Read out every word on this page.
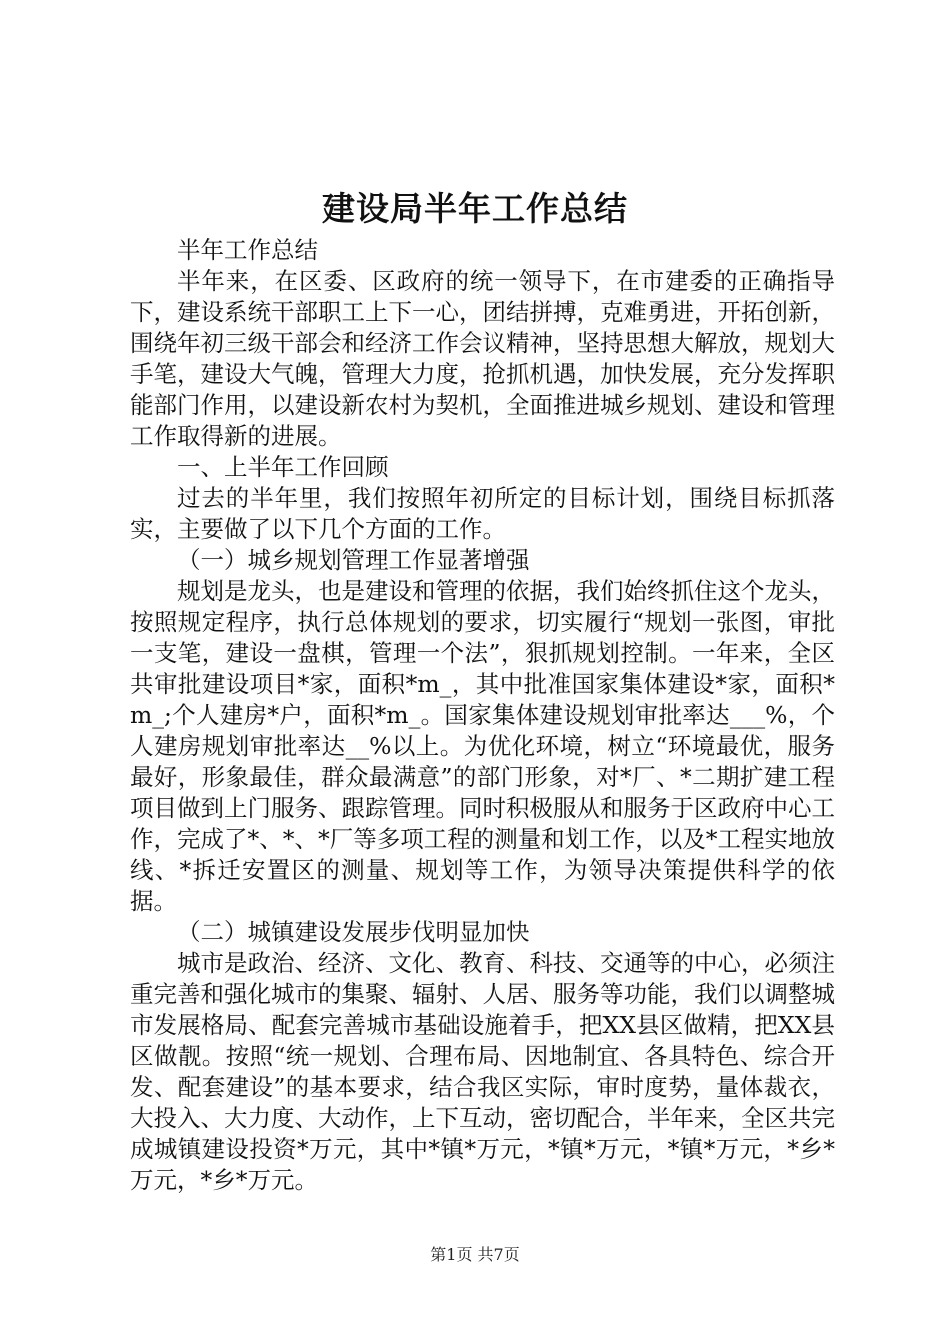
建设局半年工作总结

半年工作总结

半年来，在区委、区政府的统一领导下，在市建委的正确指导下，建设系统干部职工上下一心，团结拼搏，克难勇进，开拓创新，围绕年初三级干部会和经济工作会议精神，坚持思想大解放，规划大手笔，建设大气魄，管理大力度，抢抓机遇，加快发展，充分发挥职能部门作用，以建设新农村为契机，全面推进城乡规划、建设和管理工作取得新的进展。

一、上半年工作回顾

过去的半年里，我们按照年初所定的目标计划，围绕目标抓落实，主要做了以下几个方面的工作。

（一）城乡规划管理工作显著增强

规划是龙头，也是建设和管理的依据，我们始终抓住这个龙头，按照规定程序，执行总体规划的要求，切实履行“规划一张图，审批一支笔，建设一盘棋，管理一个法”，狠抓规划控制。一年来，全区共审批建设项目*家，面积*m_，其中批准国家集体建设*家，面积*m_;个人建房*户，面积*m_。国家集体建设规划审批率达___%，个人建房规划审批率达__%以上。为优化环境，树立“环境最优，服务最好，形象最佳，群众最满意”的部门形象，对*厂、*二期扩建工程项目做到上门服务、跟踪管理。同时积极服从和服务于区政府中心工作，完成了*、*、*厂等多项工程的测量和划工作，以及*工程实地放线、*拆迁安置区的测量、规划等工作，为领导决策提供科学的依据。

（二）城镇建设发展步伐明显加快

城市是政治、经济、文化、教育、科技、交通等的中心，必须注重完善和强化城市的集聚、辐射、人居、服务等功能，我们以调整城市发展格局、配套完善城市基础设施着手，把XX县区做精，把XX县区做靓。按照“统一规划、合理布局、因地制宜、各具特色、综合开发、配套建设”的基本要求，结合我区实际，审时度势，量体裁衣，大投入、大力度、大动作，上下互动，密切配合，半年来，全区共完成城镇建设投资*万元，其中*镇*万元，*镇*万元，*镇*万元，*乡*万元，*乡*万元。

第1页 共7页
